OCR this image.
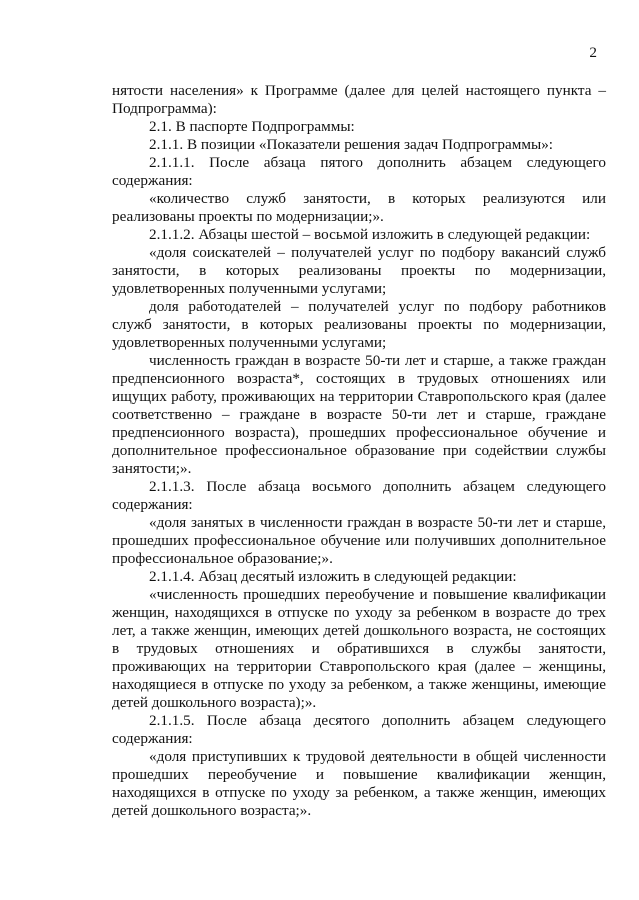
2

нятости населения» к Программе (далее для целей настоящего пункта – Подпрограмма):

2.1. В паспорте Подпрограммы:

2.1.1. В позиции «Показатели решения задач Подпрограммы»:

2.1.1.1. После абзаца пятого дополнить абзацем следующего содержания:

«количество служб занятости, в которых реализуются или реализованы проекты по модернизации;».

2.1.1.2. Абзацы шестой – восьмой изложить в следующей редакции:

«доля соискателей – получателей услуг по подбору вакансий служб занятости, в которых реализованы проекты по модернизации, удовлетворенных полученными услугами;

доля работодателей – получателей услуг по подбору работников служб занятости, в которых реализованы проекты по модернизации, удовлетворенных полученными услугами;

численность граждан в возрасте 50-ти лет и старше, а также граждан предпенсионного возраста*, состоящих в трудовых отношениях или ищущих работу, проживающих на территории Ставропольского края (далее соответственно – граждане в возрасте 50-ти лет и старше, граждане предпенсионного возраста), прошедших профессиональное обучение и дополнительное профессиональное образование при содействии службы занятости;».

2.1.1.3. После абзаца восьмого дополнить абзацем следующего содержания:

«доля занятых в численности граждан в возрасте 50-ти лет и старше, прошедших профессиональное обучение или получивших дополнительное профессиональное образование;».

2.1.1.4. Абзац десятый изложить в следующей редакции:

«численность прошедших переобучение и повышение квалификации женщин, находящихся в отпуске по уходу за ребенком в возрасте до трех лет, а также женщин, имеющих детей дошкольного возраста, не состоящих в трудовых отношениях и обратившихся в службы занятости, проживающих на территории Ставропольского края (далее – женщины, находящиеся в отпуске по уходу за ребенком, а также женщины, имеющие детей дошкольного возраста);».

2.1.1.5. После абзаца десятого дополнить абзацем следующего содержания:

«доля приступивших к трудовой деятельности в общей численности прошедших переобучение и повышение квалификации женщин, находящихся в отпуске по уходу за ребенком, а также женщин, имеющих детей дошкольного возраста;».
